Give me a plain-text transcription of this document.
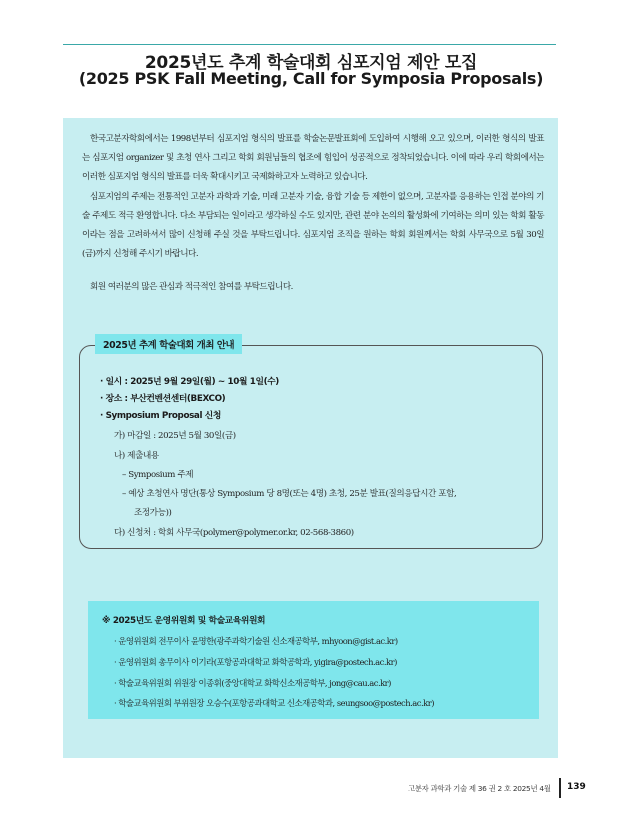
2025년도 추계 학술대회 심포지엄 제안 모집
(2025 PSK Fall Meeting, Call for Symposia Proposals)

한국고분자학회에서는 1998년부터 심포지엄 형식의 발표를 학술논문발표회에 도입하여 시행해 오고 있으며, 이러한 형식의 발표는 심포지엄 organizer 및 초청 연사 그리고 학회 회원님들의 협조에 힘입어 성공적으로 정착되었습니다. 이에 따라 우리 학회에서는 이러한 심포지엄 형식의 발표를 더욱 확대시키고 국제화하고자 노력하고 있습니다.

심포지엄의 주제는 전통적인 고분자 과학과 기술, 미래 고분자 기술, 융합 기술 등 제한이 없으며, 고분자를 응용하는 인접 분야의 기술 주제도 적극 환영합니다. 다소 부담되는 일이라고 생각하실 수도 있지만, 관련 분야 논의의 활성화에 기여하는 의미 있는 학회 활동이라는 점을 고려하셔서 많이 신청해 주실 것을 부탁드립니다. 심포지엄 조직을 원하는 학회 회원께서는 학회 사무국으로 5월 30일(금)까지 신청해 주시기 바랍니다.

회원 여러분의 많은 관심과 적극적인 참여를 부탁드립니다.

2025년 추계 학술대회 개최 안내
· 일시 : 2025년 9월 29일(월) ~ 10월 1일(수)
· 장소 : 부산컨벤션센터(BEXCO)
· Symposium Proposal 신청
가) 마감일 : 2025년 5월 30일(금)
나) 제출내용
– Symposium 주제
– 예상 초청연사 명단(통상 Symposium 당 8명(또는 4명) 초청, 25분 발표(질의응답시간 포함,
조정가능))
다) 신청처 : 학회 사무국(polymer@polymer.or.kr, 02-568-3860)
※ 2025년도 운영위원회 및 학술교육위원회
· 운영위원회 전무이사 윤명한(광주과학기술원 신소재공학부, mhyoon@gist.ac.kr)
· 운영위원회 총무이사 이기라(포항공과대학교 화학공학과, yigira@postech.ac.kr)
· 학술교육위원회 위원장 이종휘(중앙대학교 화학신소재공학부, jong@cau.ac.kr)
· 학술교육위원회 부위원장 오승수(포항공과대학교 신소재공학과, seungsoo@postech.ac.kr)
고분자 과학과 기술 제 36 권 2 호 2025년 4월 139
